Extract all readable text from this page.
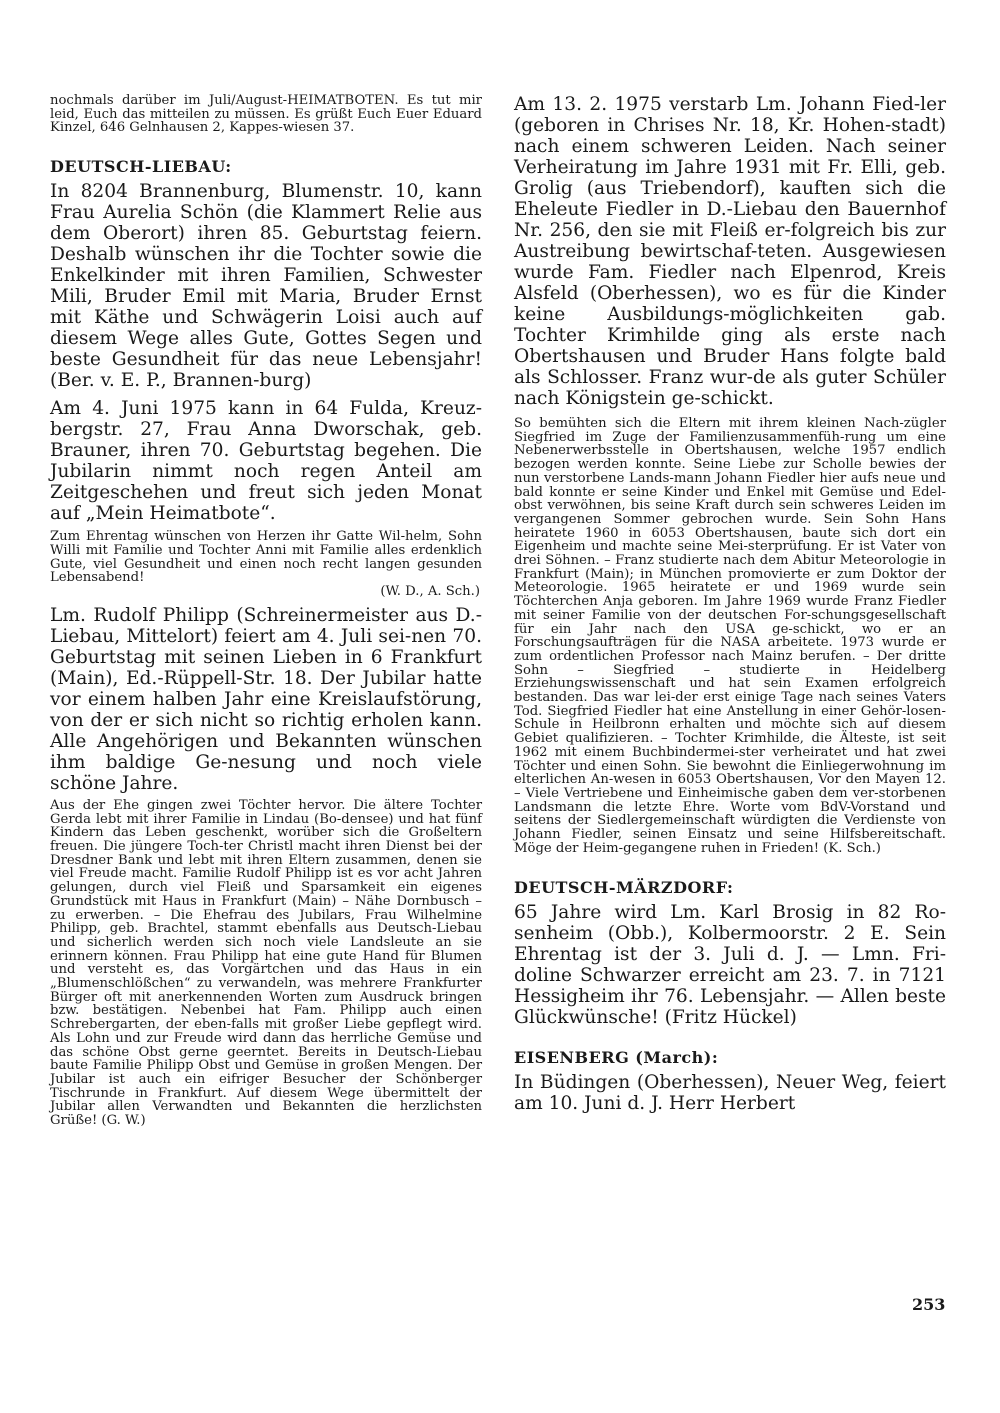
nochmals darüber im Juli/August-HEIMATBOTEN. Es tut mir leid, Euch das mitteilen zu müssen. Es grüßt Euch Euer Eduard Kinzel, 646 Gelnhausen 2, Kappes-wiesen 37.

DEUTSCH-LIEBAU:

In 8204 Brannenburg, Blumenstr. 10, kann Frau Aurelia Schön (die Klammert Relie aus dem Oberort) ihren 85. Geburtstag feiern. Deshalb wünschen ihr die Tochter sowie die Enkelkinder mit ihren Familien, Schwester Mili, Bruder Emil mit Maria, Bruder Ernst mit Käthe und Schwägerin Loisi auch auf diesem Wege alles Gute, Gottes Segen und beste Gesundheit für das neue Lebensjahr! (Ber. v. E. P., Brannen-burg)

Am 4. Juni 1975 kann in 64 Fulda, Kreuz-bergstr. 27, Frau Anna Dworschak, geb. Brauner, ihren 70. Geburtstag begehen. Die Jubilarin nimmt noch regen Anteil am Zeitgeschehen und freut sich jeden Monat auf „Mein Heimatbote“.

Zum Ehrentag wünschen von Herzen ihr Gatte Wil-helm, Sohn Willi mit Familie und Tochter Anni mit Familie alles erdenklich Gute, viel Gesundheit und einen noch recht langen gesunden Lebensabend!

(W. D., A. Sch.)

Lm. Rudolf Philipp (Schreinermeister aus D.-Liebau, Mittelort) feiert am 4. Juli sei-nen 70. Geburtstag mit seinen Lieben in 6 Frankfurt (Main), Ed.-Rüppell-Str. 18. Der Jubilar hatte vor einem halben Jahr eine Kreislaufstörung, von der er sich nicht so richtig erholen kann. Alle Angehörigen und Bekannten wünschen ihm baldige Ge-nesung und noch viele schöne Jahre.

Aus der Ehe gingen zwei Töchter hervor. Die ältere Tochter Gerda lebt mit ihrer Familie in Lindau (Bo-densee) und hat fünf Kindern das Leben geschenkt, worüber sich die Großeltern freuen. Die jüngere Toch-ter Christl macht ihren Dienst bei der Dresdner Bank und lebt mit ihren Eltern zusammen, denen sie viel Freude macht. Familie Rudolf Philipp ist es vor acht Jahren gelungen, durch viel Fleiß und Sparsamkeit ein eigenes Grundstück mit Haus in Frankfurt (Main) – Nähe Dornbusch – zu erwerben. – Die Ehefrau des Jubilars, Frau Wilhelmine Philipp, geb. Brachtel, stammt ebenfalls aus Deutsch-Liebau und sicherlich werden sich noch viele Landsleute an sie erinnern können. Frau Philipp hat eine gute Hand für Blumen und versteht es, das Vorgärtchen und das Haus in ein „Blumenschlößchen“ zu verwandeln, was mehrere Frankfurter Bürger oft mit anerkennenden Worten zum Ausdruck bringen bzw. bestätigen. Nebenbei hat Fam. Philipp auch einen Schrebergarten, der eben-falls mit großer Liebe gepflegt wird. Als Lohn und zur Freude wird dann das herrliche Gemüse und das schöne Obst gerne geerntet. Bereits in Deutsch-Liebau baute Familie Philipp Obst und Gemüse in großen Mengen. Der Jubilar ist auch ein eifriger Besucher der Schönberger Tischrunde in Frankfurt. Auf diesem Wege übermittelt der Jubilar allen Verwandten und Bekannten die herzlichsten Grüße! (G. W.)

Am 13. 2. 1975 verstarb Lm. Johann Fied-ler (geboren in Chrises Nr. 18, Kr. Hohen-stadt) nach einem schweren Leiden. Nach seiner Verheiratung im Jahre 1931 mit Fr. Elli, geb. Grolig (aus Triebendorf), kauften sich die Eheleute Fiedler in D.-Liebau den Bauernhof Nr. 256, den sie mit Fleiß er-folgreich bis zur Austreibung bewirtschaf-teten. Ausgewiesen wurde Fam. Fiedler nach Elpenrod, Kreis Alsfeld (Oberhessen), wo es für die Kinder keine Ausbildungs-möglichkeiten gab. Tochter Krimhilde ging als erste nach Obertshausen und Bruder Hans folgte bald als Schlosser. Franz wur-de als guter Schüler nach Königstein ge-schickt.

So bemühten sich die Eltern mit ihrem kleinen Nach-zügler Siegfried im Zuge der Familienzusammenfüh-rung um eine Nebenerwerbsstelle in Obertshausen, welche 1957 endlich bezogen werden konnte. Seine Liebe zur Scholle bewies der nun verstorbene Lands-mann Johann Fiedler hier aufs neue und bald konnte er seine Kinder und Enkel mit Gemüse und Edel-obst verwöhnen, bis seine Kraft durch sein schweres Leiden im vergangenen Sommer gebrochen wurde. Sein Sohn Hans heiratete 1960 in 6053 Obertshausen, baute sich dort ein Eigenheim und machte seine Mei-sterprüfung. Er ist Vater von drei Söhnen. – Franz studierte nach dem Abitur Meteorologie in Frankfurt (Main); in München promovierte er zum Doktor der Meteorologie. 1965 heiratete er und 1969 wurde sein Töchterchen Anja geboren. Im Jahre 1969 wurde Franz Fiedler mit seiner Familie von der deutschen For-schungsgesellschaft für ein Jahr nach den USA ge-schickt, wo er an Forschungsaufträgen für die NASA arbeitete. 1973 wurde er zum ordentlichen Professor nach Mainz berufen. – Der dritte Sohn – Siegfried – studierte in Heidelberg Erziehungswissenschaft und hat sein Examen erfolgreich bestanden. Das war lei-der erst einige Tage nach seines Vaters Tod. Siegfried Fiedler hat eine Anstellung in einer Gehör-losen-Schule in Heilbronn erhalten und möchte sich auf diesem Gebiet qualifizieren. – Tochter Krimhilde, die Älteste, ist seit 1962 mit einem Buchbindermei-ster verheiratet und hat zwei Töchter und einen Sohn. Sie bewohnt die Einliegerwohnung im elterlichen An-wesen in 6053 Obertshausen, Vor den Mayen 12. – Viele Vertriebene und Einheimische gaben dem ver-storbenen Landsmann die letzte Ehre. Worte vom BdV-Vorstand und seitens der Siedlergemeinschaft würdigten die Verdienste von Johann Fiedler, seinen Einsatz und seine Hilfsbereitschaft. Möge der Heim-gegangene ruhen in Frieden! (K. Sch.)

DEUTSCH-MÄRZDORF:

65 Jahre wird Lm. Karl Brosig in 82 Ro-senheim (Obb.), Kolbermoorstr. 2 E. Sein Ehrentag ist der 3. Juli d. J. — Lmn. Fri-doline Schwarzer erreicht am 23. 7. in 7121 Hessigheim ihr 76. Lebensjahr. — Allen beste Glückwünsche! (Fritz Hückel)

EISENBERG (March):

In Büdingen (Oberhessen), Neuer Weg, feiert am 10. Juni d. J. Herr Herbert

253
